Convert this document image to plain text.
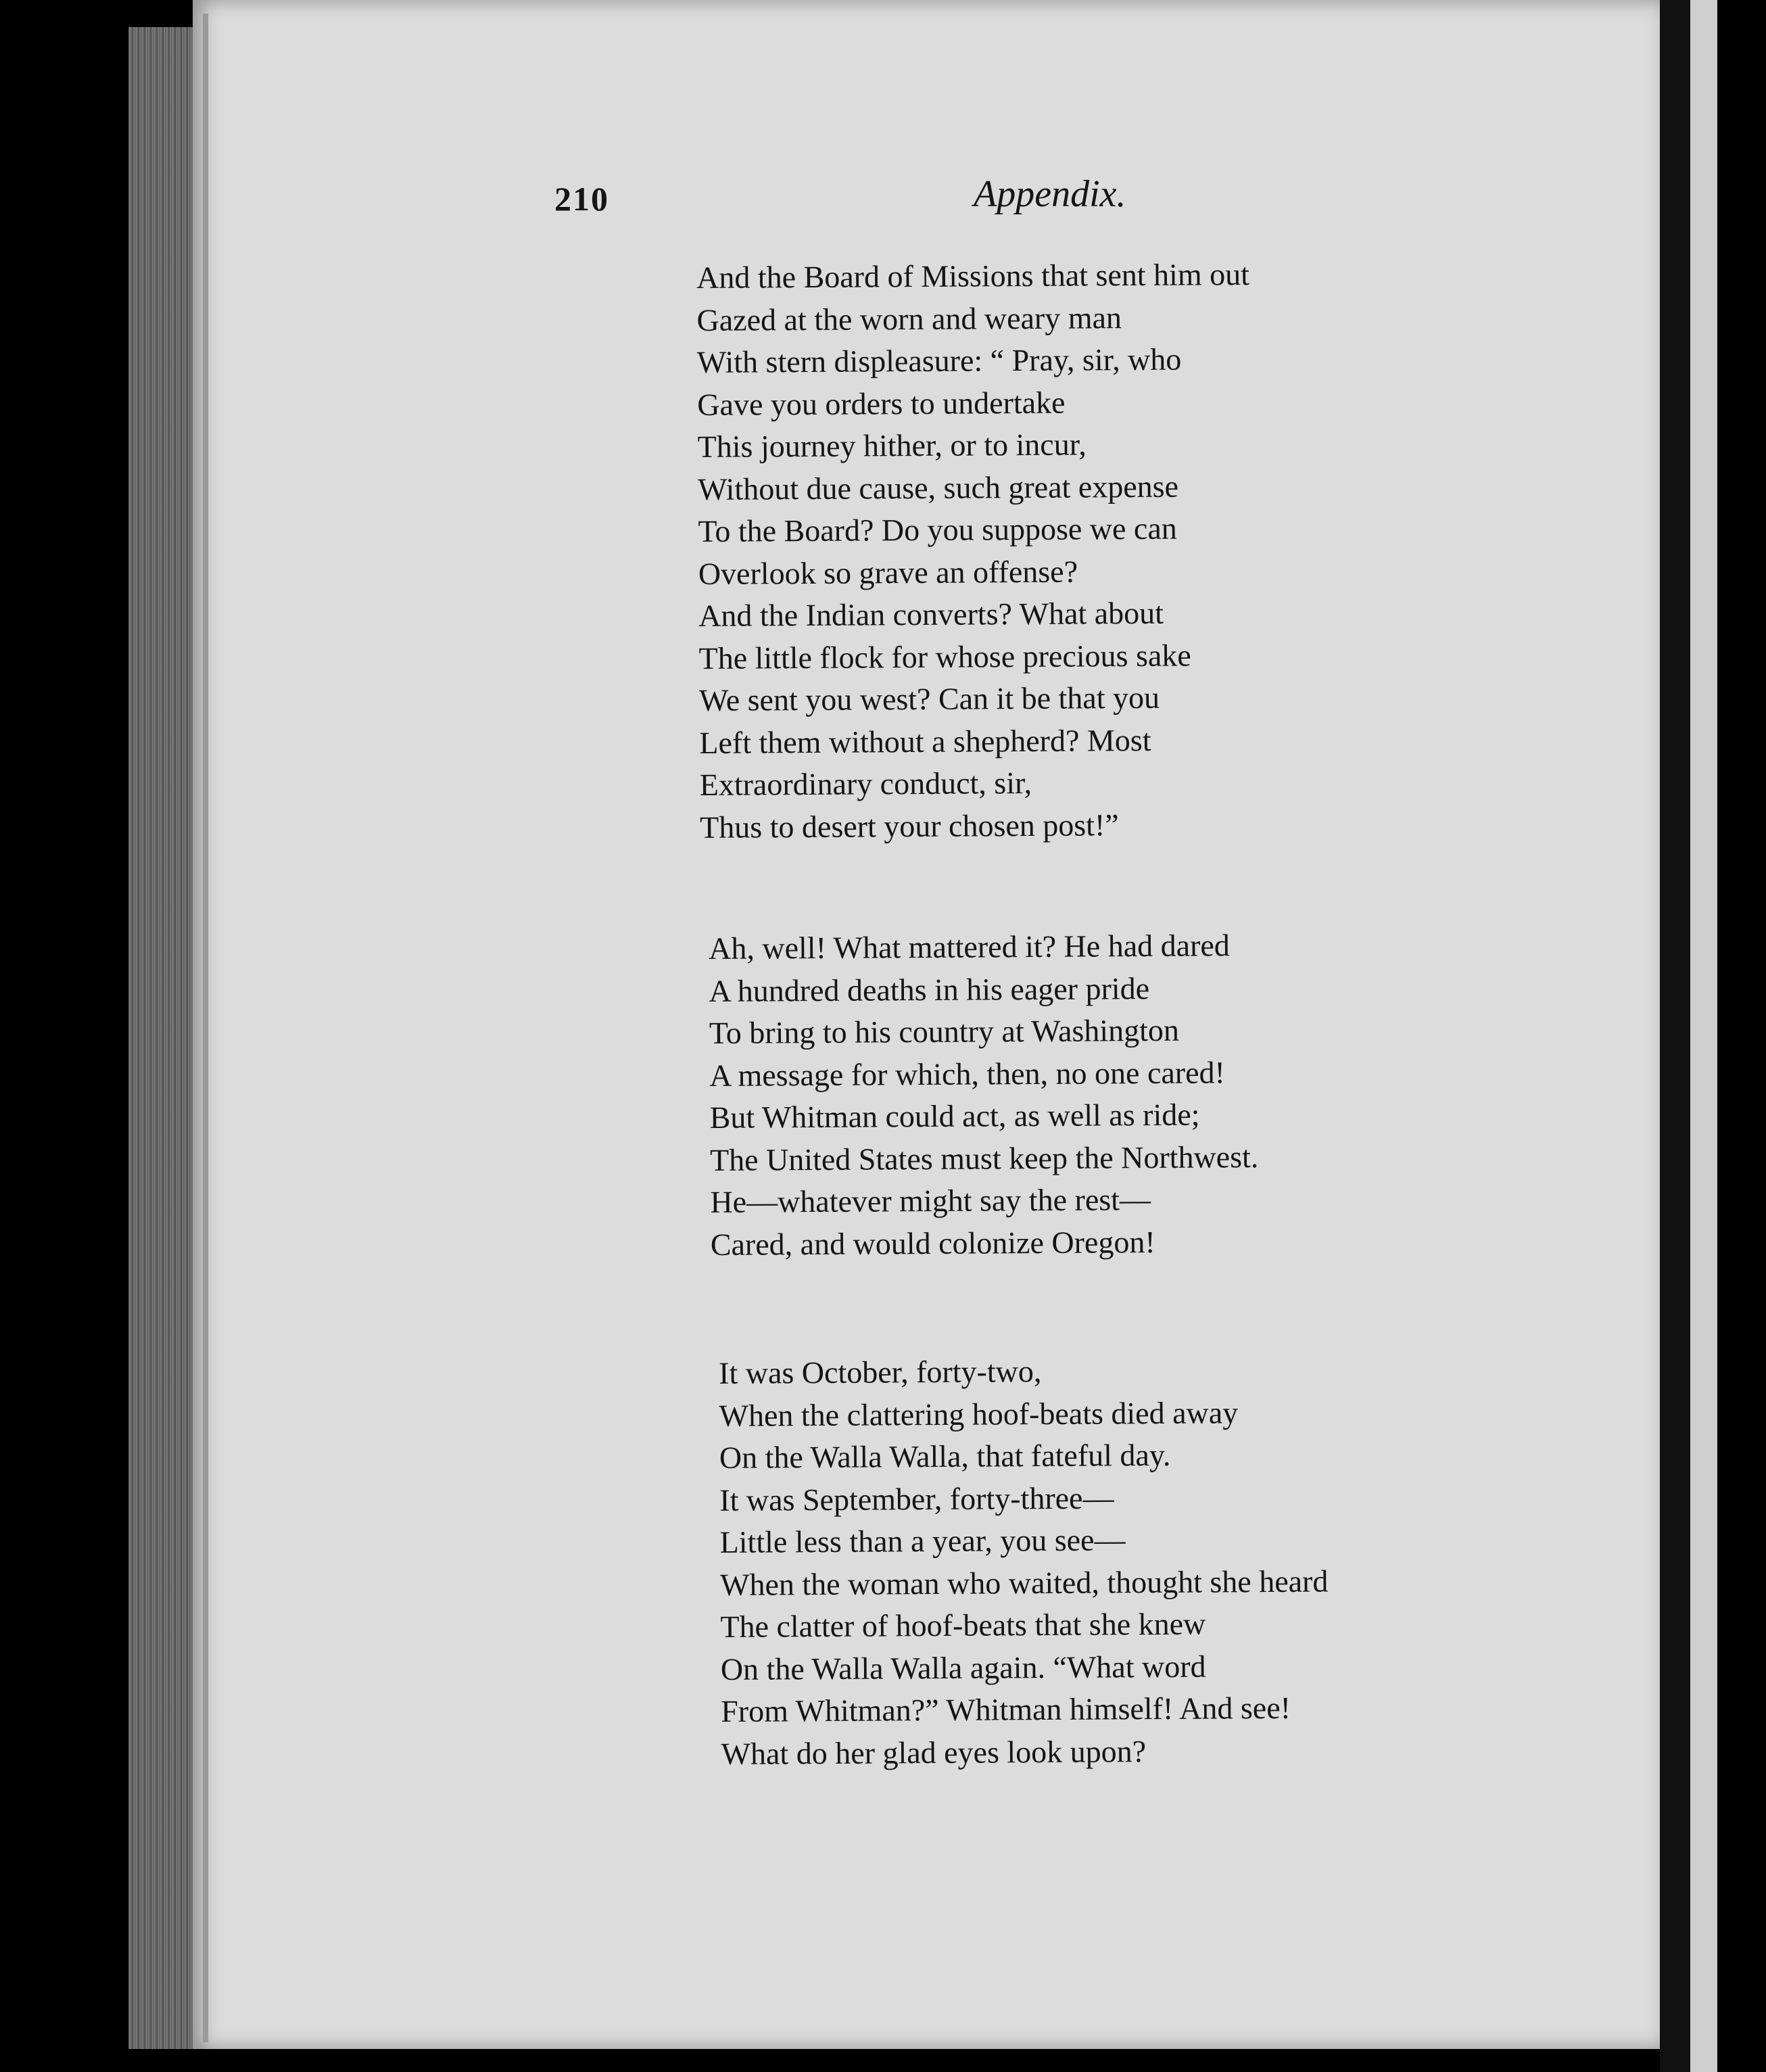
210	Appendix.
And the Board of Missions that sent him out
Gazed at the worn and weary man
With stern displeasure: “ Pray, sir, who
Gave you orders to undertake
This journey hither, or to incur,
Without due cause, such great expense
To the Board? Do you suppose we can
Overlook so grave an offense?
And the Indian converts? What about
The little flock for whose precious sake
We sent you west? Can it be that you
Left them without a shepherd? Most
Extraordinary conduct, sir,
Thus to desert your chosen post!”
Ah, well! What mattered it? He had dared
A hundred deaths in his eager pride
To bring to his country at Washington
A message for which, then, no one cared!
But Whitman could act, as well as ride;
The United States must keep the Northwest.
He—whatever might say the rest—
Cared, and would colonize Oregon!
It was October, forty-two,
When the clattering hoof-beats died away
On the Walla Walla, that fateful day.
It was September, forty-three—
Little less than a year, you see—
When the woman who waited, thought she heard
The clatter of hoof-beats that she knew
On the Walla Walla again. “What word
From Whitman?” Whitman himself! And see!
What do her glad eyes look upon?
